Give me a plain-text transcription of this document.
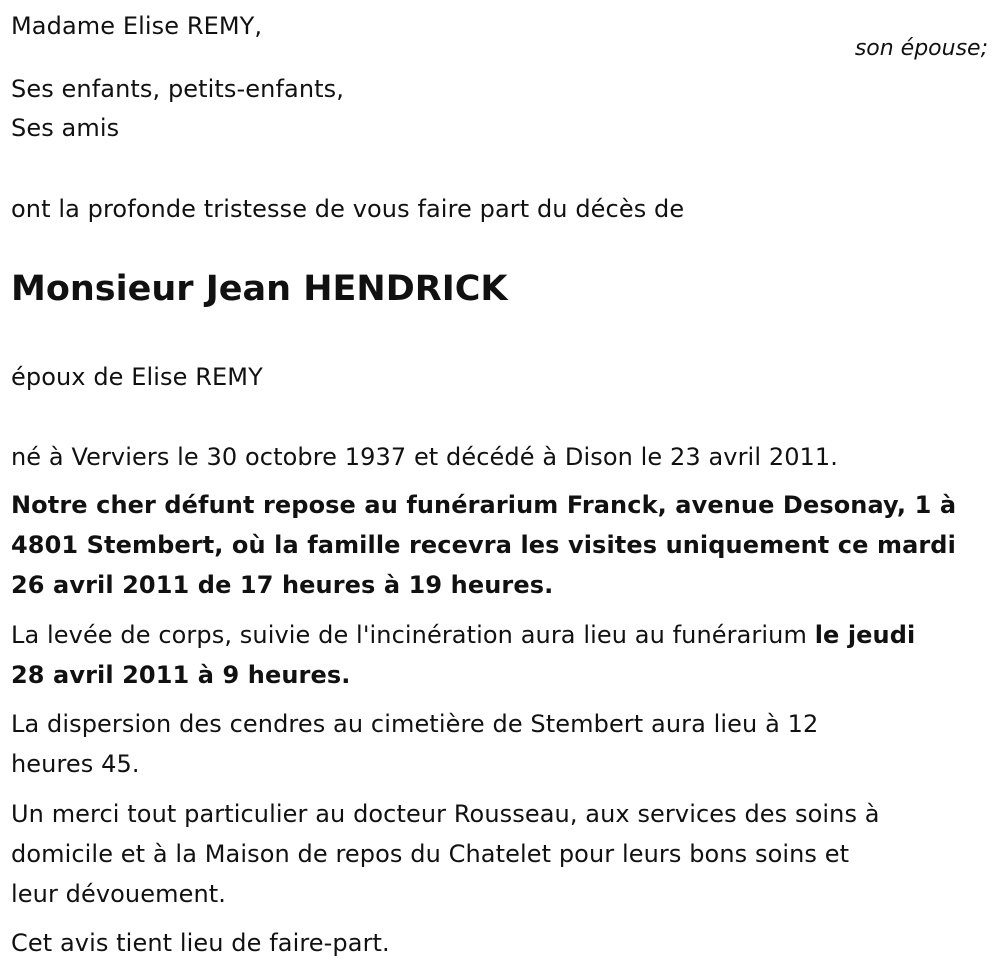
Madame Elise REMY,
son épouse;
Ses enfants, petits-enfants,
Ses amis
ont la profonde tristesse de vous faire part du décès de
Monsieur Jean HENDRICK
époux de Elise REMY
né à Verviers le 30 octobre 1937 et décédé à Dison le 23 avril 2011.
Notre cher défunt repose au funérarium Franck, avenue Desonay, 1 à
4801 Stembert, où la famille recevra les visites uniquement ce mardi
26 avril 2011 de 17 heures à 19 heures.
La levée de corps, suivie de l'incinération aura lieu au funérarium le jeudi
28 avril 2011 à 9 heures.
La dispersion des cendres au cimetière de Stembert aura lieu à 12
heures 45.
Un merci tout particulier au docteur Rousseau, aux services des soins à
domicile et à la Maison de repos du Chatelet pour leurs bons soins et
leur dévouement.
Cet avis tient lieu de faire-part.
